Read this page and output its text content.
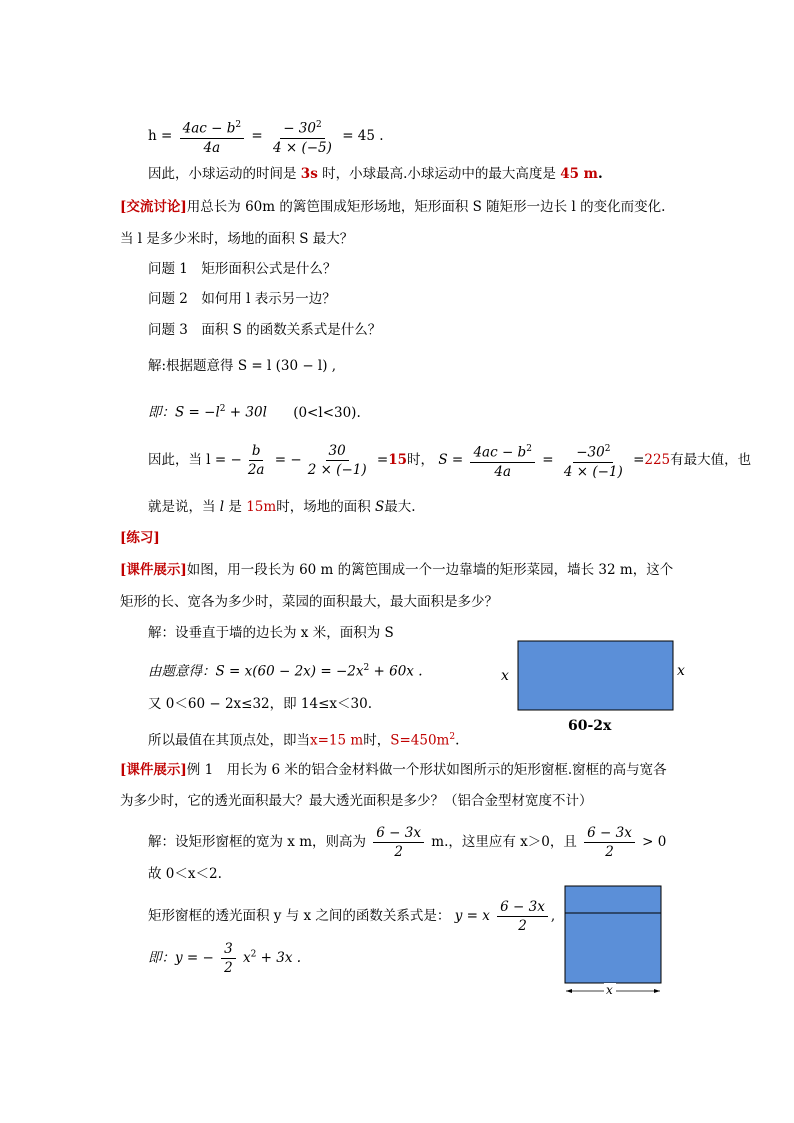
$h = \frac{4ac - b^2}{4a} = \frac{- 30^2}{4 \times (-5)} = 45$ .
因此，小球运动的时间是 3s 时，小球最高.小球运动中的最大高度是 45 m.
[交流讨论]用总长为 60m 的篱笆围成矩形场地，矩形面积 S 随矩形一边长 l 的变化而变化.
当 l 是多少米时，场地的面积 S 最大？
问题 1　矩形面积公式是什么？
问题 2　如何用 l 表示另一边？
问题 3　面积 S 的函数关系式是什么？
解:根据题意得 S = l (30 − l) ,
即：$S = -l^2 + 30l$ (0<l<30).
因此，当 l = − $\frac{b}{2a}$ = − $\frac{30}{2 \times (-1)} =15$时， $S = \frac{4ac - b^2}{4a} = \frac{-30^2}{4 \times (-1)} =225$有最大值，也
就是说，当 l 是 15m时，场地的面积 S最大.
[练习]
[课件展示]如图，用一段长为 60 m 的篱笆围成一个一边靠墙的矩形菜园，墙长 32 m，这个
矩形的长、宽各为多少时，菜园的面积最大，最大面积是多少？
解：设垂直于墙的边长为 x 米，面积为 S
由题意得：$S = x(60 - 2x) = -2x^2 + 60x$ .
又 0＜60 − 2x≤32，即 14≤x＜30.
所以最值在其顶点处，即当x=15 m时，$S=450m^2$.
x	x
60-2x
[课件展示]例 1　用长为 6 米的铝合金材料做一个形状如图所示的矩形窗框.窗框的高与宽各
为多少时，它的透光面积最大？最大透光面积是多少？（铝合金型材宽度不计）
解：设矩形窗框的宽为 x m，则高为 $\frac{6 - 3x}{2} m$.，这里应有 x＞0，且 $\frac{6 - 3x}{2} > 0$
故 0＜x＜2.
矩形窗框的透光面积 y 与 x 之间的函数关系式是： y = x $\frac{6 - 3x}{2}$ ,
即：y = − $\frac{3}{2} x^2 + 3x$ .
x
